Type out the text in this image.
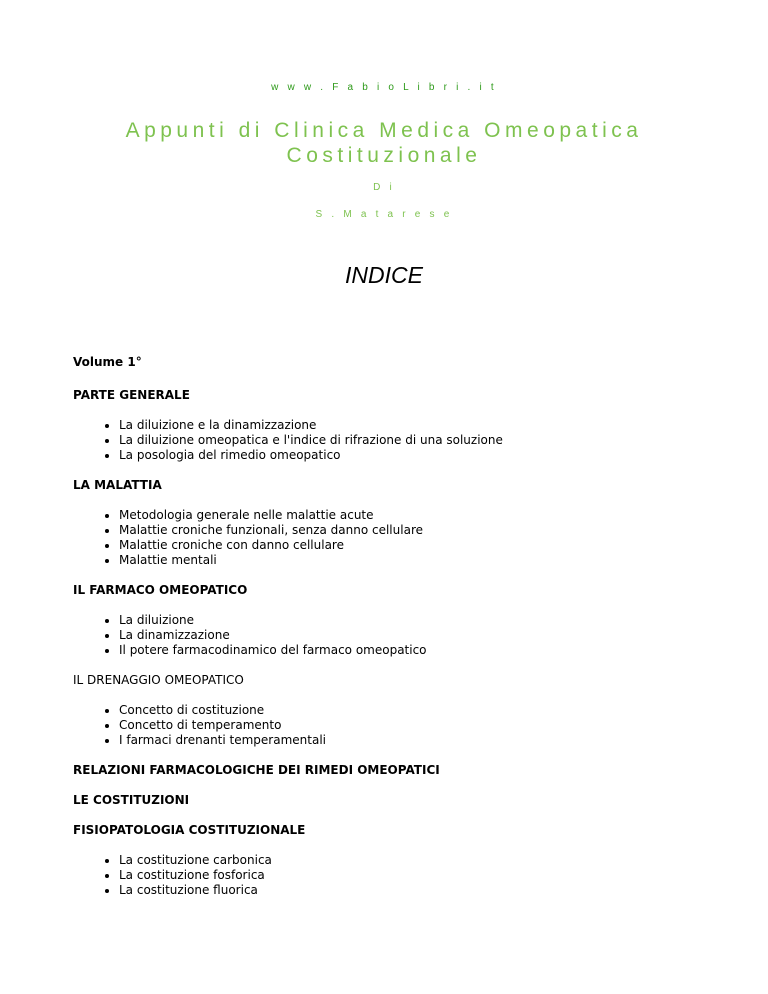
w w w . F a b i o L i b r i . i t
Appunti di Clinica Medica Omeopatica
Costituzionale
D i
S . M a t a r e s e
INDICE
Volume 1°
PARTE GENERALE
• La diluizione e la dinamizzazione
• La diluizione omeopatica e l'indice di rifrazione di una soluzione
• La posologia del rimedio omeopatico
LA MALATTIA
• Metodologia generale nelle malattie acute
• Malattie croniche funzionali, senza danno cellulare
• Malattie croniche con danno cellulare
• Malattie mentali
IL FARMACO OMEOPATICO
• La diluizione
• La dinamizzazione
• Il potere farmacodinamico del farmaco omeopatico
IL DRENAGGIO OMEOPATICO
• Concetto di costituzione
• Concetto di temperamento
• I farmaci drenanti temperamentali
RELAZIONI FARMACOLOGICHE DEI RIMEDI OMEOPATICI
LE COSTITUZIONI
FISIOPATOLOGIA COSTITUZIONALE
• La costituzione carbonica
• La costituzione fosforica
• La costituzione fluorica
